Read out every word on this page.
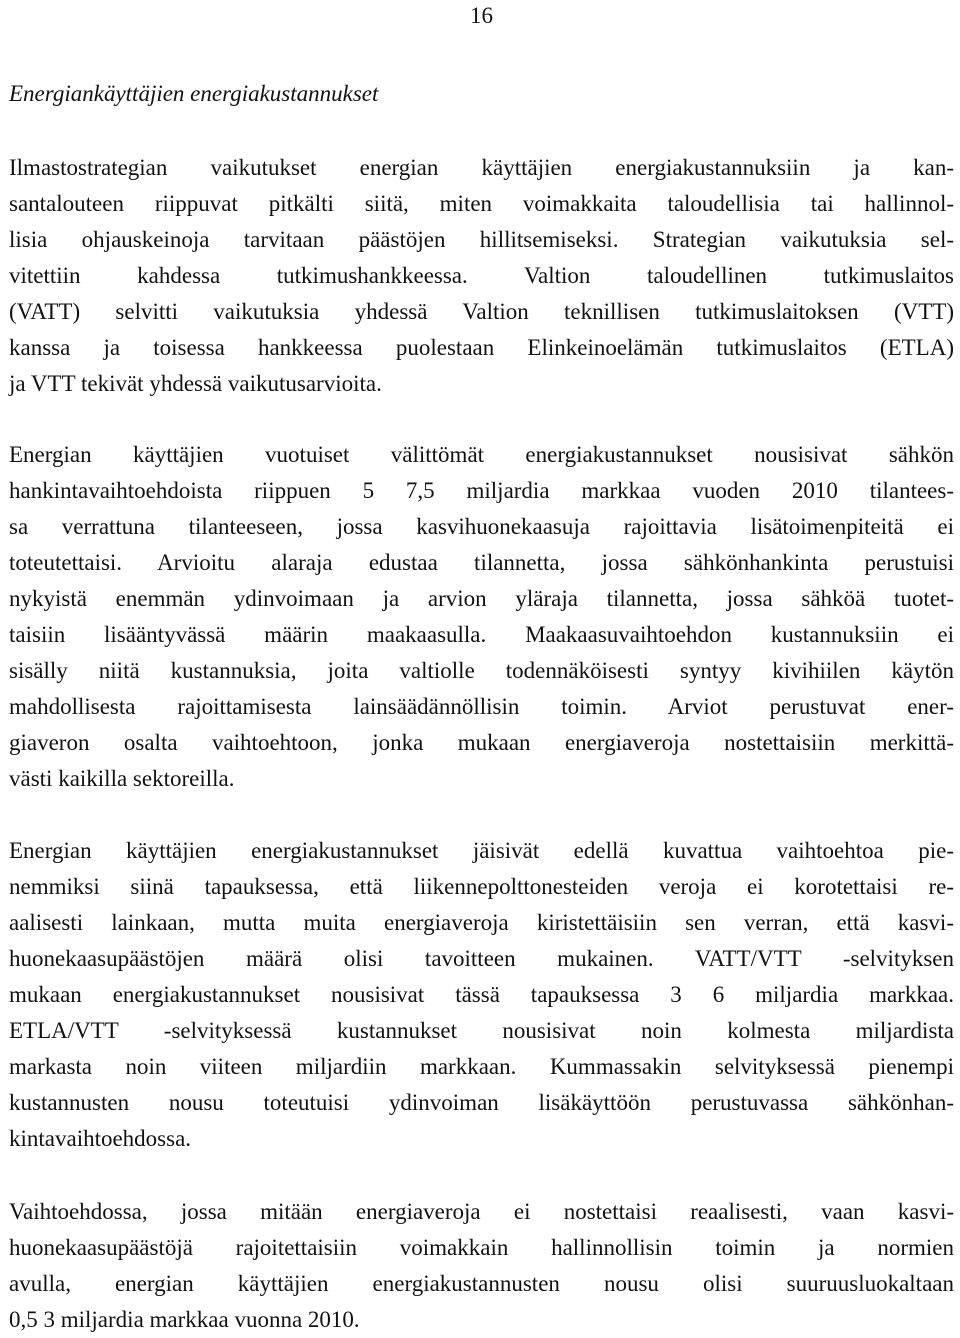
16
Energiankäyttäjien energiakustannukset

Ilmastostrategian vaikutukset energian käyttäjien energiakustannuksiin ja kan-
santalouteen riippuvat pitkälti siitä, miten voimakkaita taloudellisia tai hallinnol-
lisia ohjauskeinoja tarvitaan päästöjen hillitsemiseksi. Strategian vaikutuksia sel-
vitettiin kahdessa tutkimushankkeessa. Valtion taloudellinen tutkimuslaitos
(VATT) selvitti vaikutuksia yhdessä Valtion teknillisen tutkimuslaitoksen (VTT)
kanssa ja toisessa hankkeessa puolestaan Elinkeinoelämän tutkimuslaitos (ETLA)
ja VTT tekivät yhdessä vaikutusarvioita.

Energian käyttäjien vuotuiset välittömät energiakustannukset nousisivat sähkön
hankintavaihtoehdoista riippuen 5 7,5 miljardia markkaa vuoden 2010 tilantees-
sa verrattuna tilanteeseen, jossa kasvihuonekaasuja rajoittavia lisätoimenpiteitä ei
toteutettaisi. Arvioitu alaraja edustaa tilannetta, jossa sähkönhankinta perustuisi
nykyistä enemmän ydinvoimaan ja arvion yläraja tilannetta, jossa sähköä tuotet-
taisiin lisääntyvässä määrin maakaasulla. Maakaasuvaihtoehdon kustannuksiin ei
sisälly niitä kustannuksia, joita valtiolle todennäköisesti syntyy kivihiilen käytön
mahdollisesta rajoittamisesta lainsäädännöllisin toimin. Arviot perustuvat ener-
giaveron osalta vaihtoehtoon, jonka mukaan energiaveroja nostettaisiin merkittä-
västi kaikilla sektoreilla.

Energian käyttäjien energiakustannukset jäisivät edellä kuvattua vaihtoehtoa pie-
nemmiksi siinä tapauksessa, että liikennepolttonesteiden veroja ei korotettaisi re-
aalisesti lainkaan, mutta muita energiaveroja kiristettäisiin sen verran, että kasvi-
huonekaasupäästöjen määrä olisi tavoitteen mukainen. VATT/VTT -selvityksen
mukaan energiakustannukset nousisivat tässä tapauksessa 3 6 miljardia markkaa.
ETLA/VTT -selvityksessä kustannukset nousisivat noin kolmesta miljardista
markasta noin viiteen miljardiin markkaan. Kummassakin selvityksessä pienempi
kustannusten nousu toteutuisi ydinvoiman lisäkäyttöön perustuvassa sähkönhan-
kintavaihtoehdossa.

Vaihtoehdossa, jossa mitään energiaveroja ei nostettaisi reaalisesti, vaan kasvi-
huonekaasupäästöjä rajoitettaisiin voimakkain hallinnollisin toimin ja normien
avulla, energian käyttäjien energiakustannusten nousu olisi suuruusluokaltaan
0,5 3 miljardia markkaa vuonna 2010.
